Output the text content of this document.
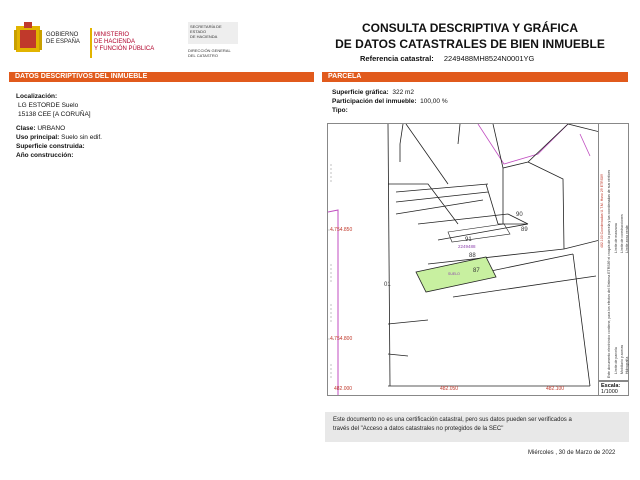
GOBIERNO
DE ESPAÑA
MINISTERIO
DE HACIENDA
Y FUNCIÓN PÚBLICA
SECRETARÍA DE ESTADO
DE HACIENDA
DIRECCIÓN GENERAL
DEL CATASTRO
CONSULTA DESCRIPTIVA Y GRÁFICA
DE DATOS CATASTRALES DE BIEN INMUEBLE
Referencia catastral: 2249488MH8524N0001YG
DATOS DESCRIPTIVOS DEL INMUEBLE	PARCELA
Localización:
LG ESTORDE Suelo
15138 CEE [A CORUÑA]
Clase: URBANO
Uso principal: Suelo sin edif.
Superficie construida:
Año construcción:
Superficie gráfica: 322 m2
Participación del inmueble: 100,00 %
Tipo:
4.754.850
4.754.800
482.000	482.050	482.100
90
91
89
88
87
01
2249488
SUELO
482.100 Coordenadas U.T.M. Huso 29 ETRS89 Este documento electrónico contiene, para los efectos del Sistema ETRS89 el croquis de la parcela y las coordenadas de sus vértices Límite de manzana
Límite de parcela
Límite de construcciones
Mobiliario y aceras
Límite zona verde
Hidrografía
Escala:
1/1000
Este documento no es una certificación catastral, pero sus datos pueden ser verificados a
través del "Acceso a datos catastrales no protegidos de la SEC"
Miércoles , 30 de Marzo de 2022
